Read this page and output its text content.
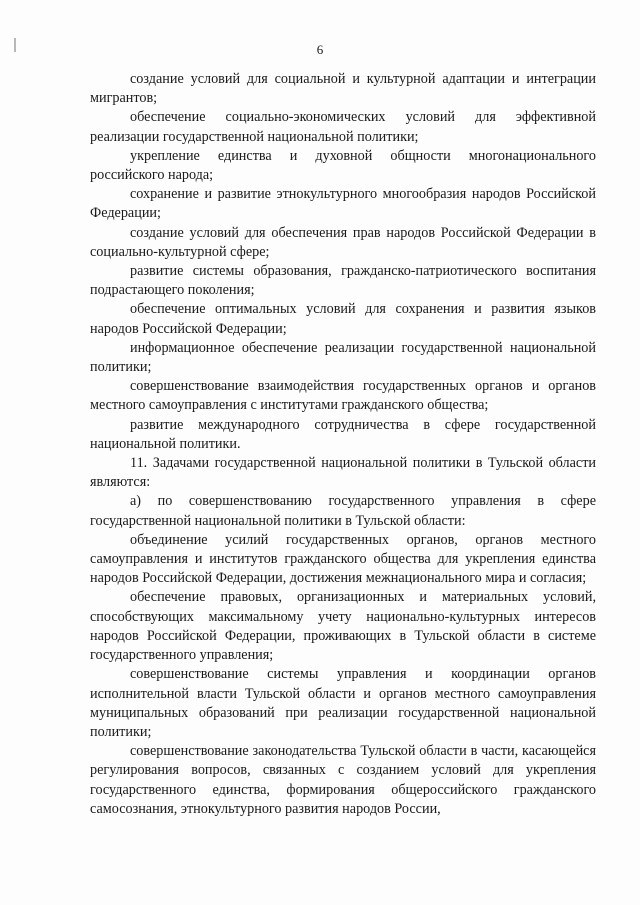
6

создание условий для социальной и культурной адаптации и интеграции мигрантов;

обеспечение социально-экономических условий для эффективной реализации государственной национальной политики;

укрепление единства и духовной общности многонационального российского народа;

сохранение и развитие этнокультурного многообразия народов Российской Федерации;

создание условий для обеспечения прав народов Российской Федерации в социально-культурной сфере;

развитие системы образования, гражданско-патриотического воспитания подрастающего поколения;

обеспечение оптимальных условий для сохранения и развития языков народов Российской Федерации;

информационное обеспечение реализации государственной национальной политики;

совершенствование взаимодействия государственных органов и органов местного самоуправления с институтами гражданского общества;

развитие международного сотрудничества в сфере государственной национальной политики.

11. Задачами государственной национальной политики в Тульской области являются:

а) по совершенствованию государственного управления в сфере государственной национальной политики в Тульской области:

объединение усилий государственных органов, органов местного самоуправления и институтов гражданского общества для укрепления единства народов Российской Федерации, достижения межнационального мира и согласия;

обеспечение правовых, организационных и материальных условий, способствующих максимальному учету национально-культурных интересов народов Российской Федерации, проживающих в Тульской области в системе государственного управления;

совершенствование системы управления и координации органов исполнительной власти Тульской области и органов местного самоуправления муниципальных образований при реализации государственной национальной политики;

совершенствование законодательства Тульской области в части, касающейся регулирования вопросов, связанных с созданием условий для укрепления государственного единства, формирования общероссийского гражданского самосознания, этнокультурного развития народов России,
